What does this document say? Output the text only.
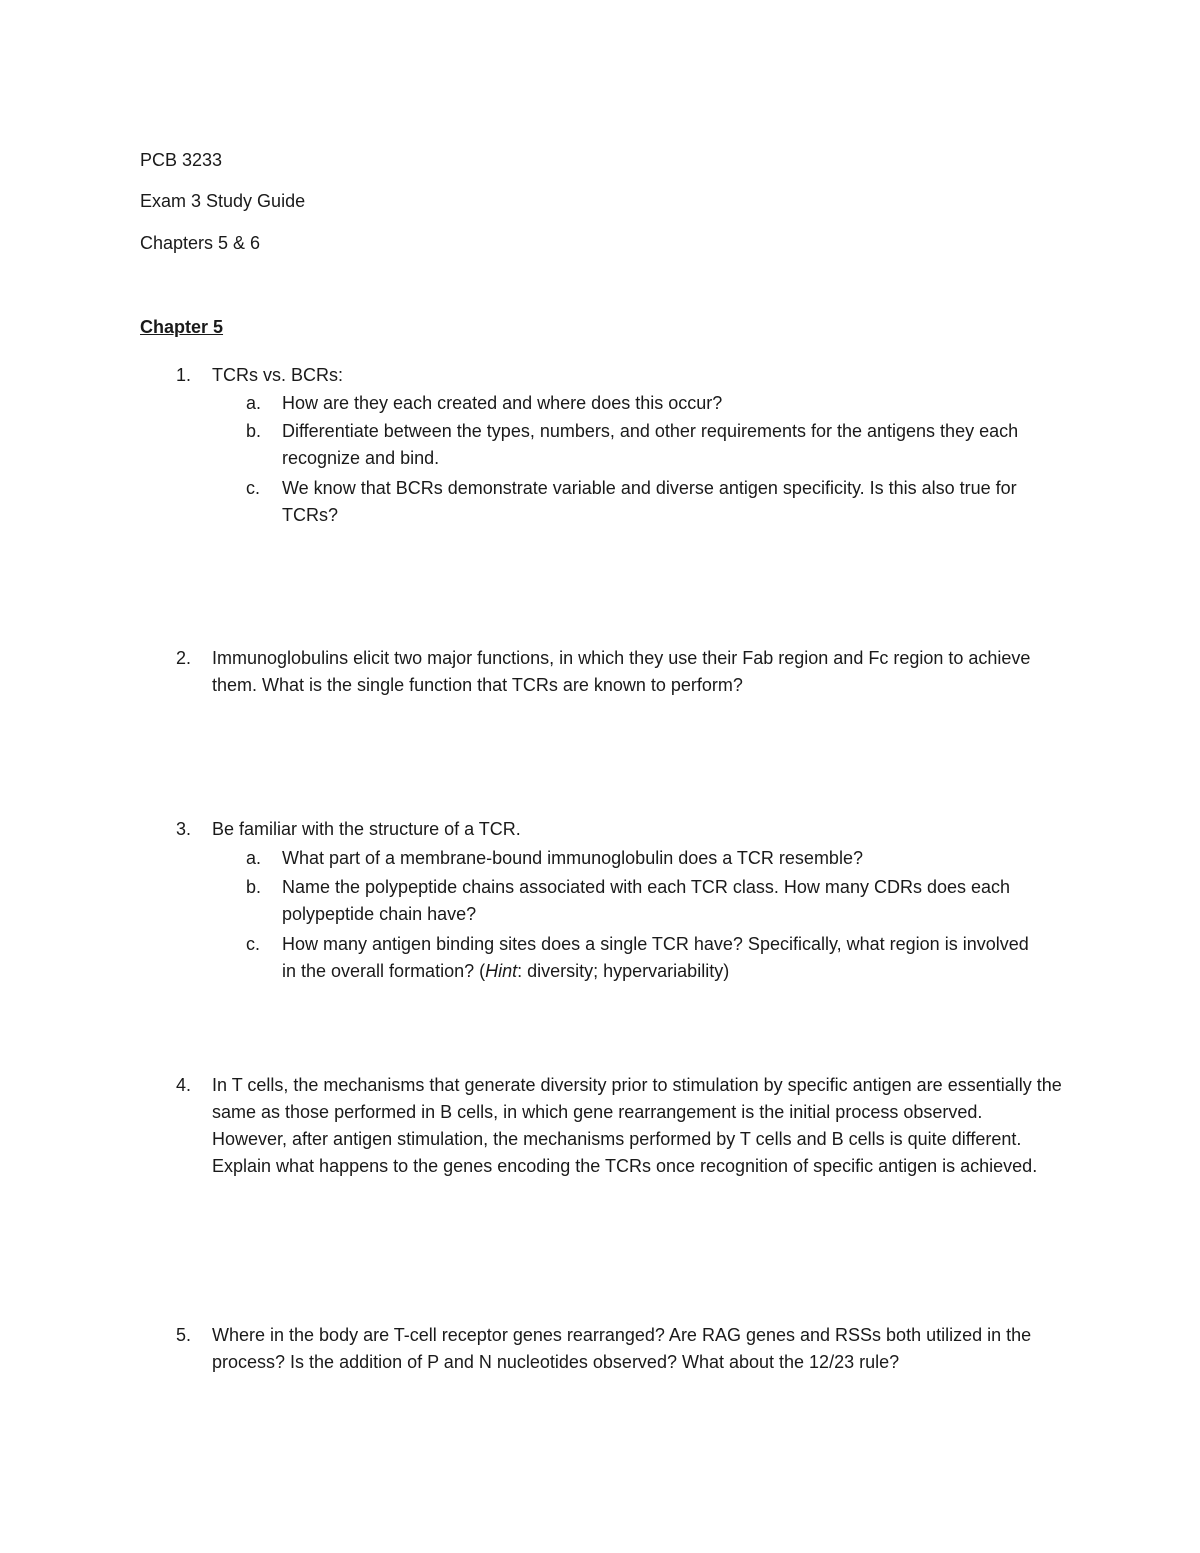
PCB 3233

Exam 3 Study Guide

Chapters 5 & 6

Chapter 5

1. TCRs vs. BCRs:
a. How are they each created and where does this occur?
b. Differentiate between the types, numbers, and other requirements for the antigens they each recognize and bind.
c. We know that BCRs demonstrate variable and diverse antigen specificity. Is this also true for TCRs?
2. Immunoglobulins elicit two major functions, in which they use their Fab region and Fc region to achieve them. What is the single function that TCRs are known to perform?
3. Be familiar with the structure of a TCR.
a. What part of a membrane-bound immunoglobulin does a TCR resemble?
b. Name the polypeptide chains associated with each TCR class. How many CDRs does each polypeptide chain have?
c. How many antigen binding sites does a single TCR have? Specifically, what region is involved in the overall formation? (Hint: diversity; hypervariability)
4. In T cells, the mechanisms that generate diversity prior to stimulation by specific antigen are essentially the same as those performed in B cells, in which gene rearrangement is the initial process observed. However, after antigen stimulation, the mechanisms performed by T cells and B cells is quite different. Explain what happens to the genes encoding the TCRs once recognition of specific antigen is achieved.
5. Where in the body are T-cell receptor genes rearranged? Are RAG genes and RSSs both utilized in the process? Is the addition of P and N nucleotides observed? What about the 12/23 rule?
